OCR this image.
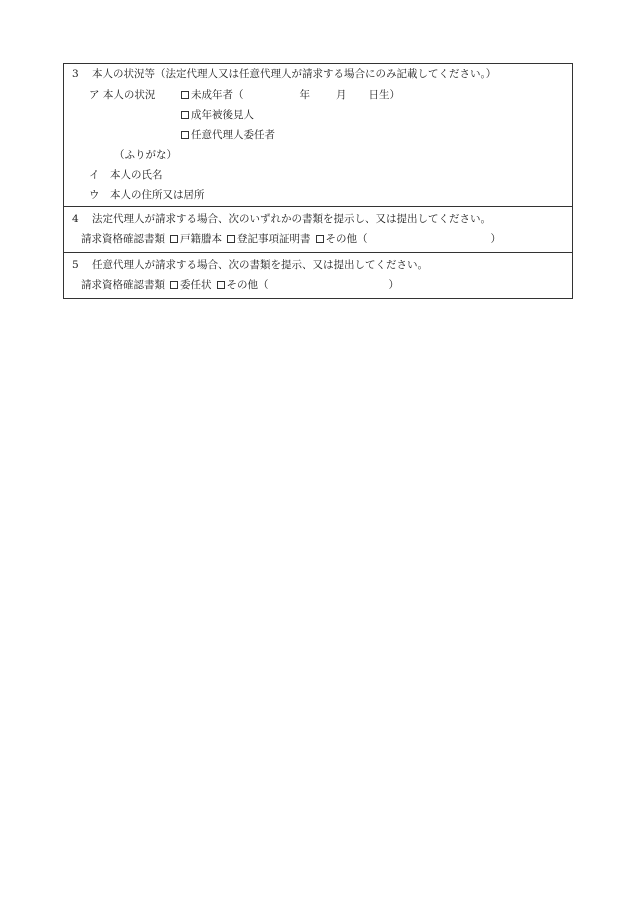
3 本人の状況等（法定代理人又は任意代理人が請求する場合にのみ記載してください。）
ア 本人の状況	未成年者（	年 月 日生）
成年被後見人
任意代理人委任者
（ふりがな）
イ　本人の氏名
ウ　本人の住所又は居所
4 法定代理人が請求する場合、次のいずれかの書類を提示し、又は提出してください。
請求資格確認書類 戸籍謄本 登記事項証明書 その他（	）
5 任意代理人が請求する場合、次の書類を提示、又は提出してください。
請求資格確認書類 委任状 その他（	）
